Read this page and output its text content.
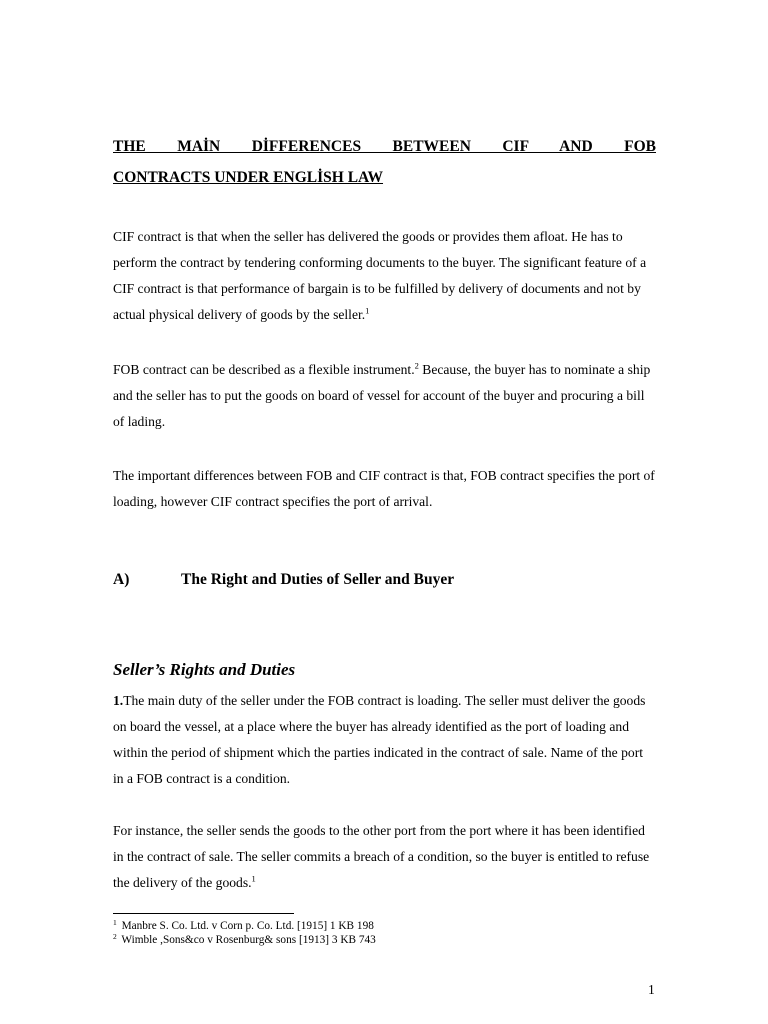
THE MAİN DİFFERENCES BETWEEN CIF AND FOB
CONTRACTS UNDER ENGLİSH LAW

CIF contract is that when the seller has delivered the goods or provides them afloat. He has to perform the contract by tendering conforming documents to the buyer. The significant feature of a CIF contract is that performance of bargain is to be fulfilled by delivery of documents and not by actual physical delivery of goods by the seller.$^1$

FOB contract can be described as a flexible instrument.$^2$ Because, the buyer has to nominate a ship and the seller has to put the goods on board of vessel for account of the buyer and procuring a bill of lading.

The important differences between FOB and CIF contract is that, FOB contract specifies the port of loading, however CIF contract specifies the port of arrival.

A)	The Right and Duties of Seller and Buyer
Seller’s Rights and Duties

1.The main duty of the seller under the FOB contract is loading. The seller must deliver the goods on board the vessel, at a place where the buyer has already identified as the port of loading and within the period of shipment which the parties indicated in the contract of sale. Name of the port in a FOB contract is a condition.

For instance, the seller sends the goods to the other port from the port where it has been identified in the contract of sale. The seller commits a breach of a condition, so the buyer is entitled to refuse the delivery of the goods.$^1$

$^1$ Manbre S. Co. Ltd. v Corn p. Co. Ltd. [1915] 1 KB 198

$^2$ Wimble ,Sons&co v Rosenburg& sons [1913] 3 KB 743

1
